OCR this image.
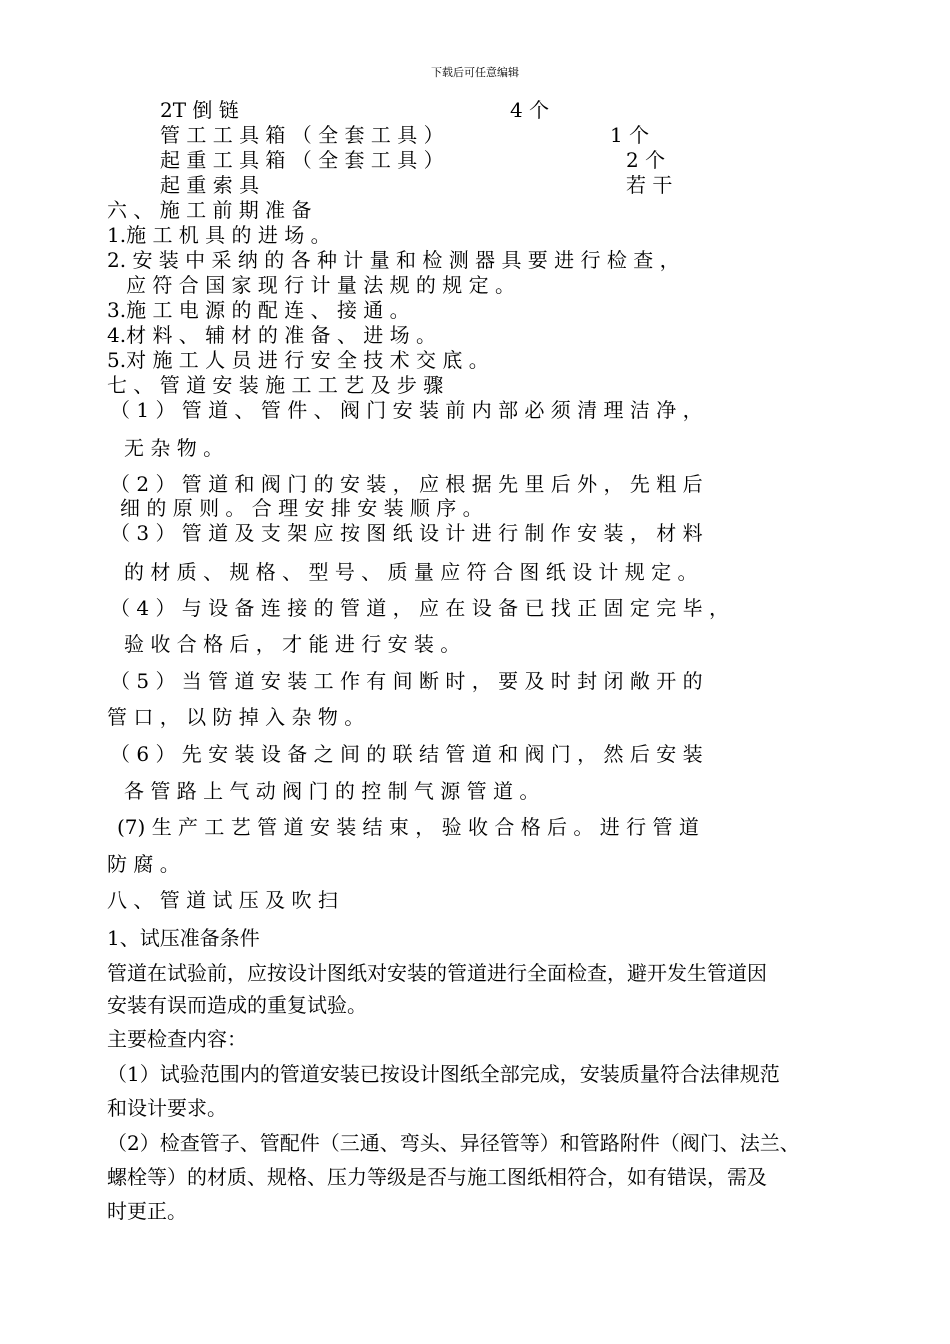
下载后可任意编辑
2T 倒 链	4 个
管 工 工 具 箱 （ 全 套 工 具 ）	1 个
起 重 工 具 箱 （ 全 套 工 具 ）	2 个
起 重 索 具	若 干
六 、 施 工 前 期 准 备
1.施 工 机 具 的 进 场 。
2. 安 装 中 采 纳 的 各 种 计 量 和 检 测 器 具 要 进 行 检 查 ，
应 符 合 国 家 现 行 计 量 法 规 的 规 定 。
3.施 工 电 源 的 配 连 、 接 通 。
4.材 料 、 辅 材 的 准 备 、 进 场 。
5.对 施 工 人 员 进 行 安 全 技 术 交 底 。
七 、 管 道 安 装 施 工 工 艺 及 步 骤
（ 1 ） 管 道 、 管 件 、 阀 门 安 装 前 内 部 必 须 清 理 洁 净 ，
无 杂 物 。
（ 2 ） 管 道 和 阀 门 的 安 装 ， 应 根 据 先 里 后 外 ， 先 粗 后
细 的 原 则 。 合 理 安 排 安 装 顺 序 。
（ 3 ） 管 道 及 支 架 应 按 图 纸 设 计 进 行 制 作 安 装 ， 材 料
的 材 质 、 规 格 、 型 号 、 质 量 应 符 合 图 纸 设 计 规 定 。
（ 4 ） 与 设 备 连 接 的 管 道 ， 应 在 设 备 已 找 正 固 定 完 毕 ，
验 收 合 格 后 ， 才 能 进 行 安 装 。
（ 5 ） 当 管 道 安 装 工 作 有 间 断 时 ， 要 及 时 封 闭 敞 开 的
管 口 ， 以 防 掉 入 杂 物 。
（ 6 ） 先 安 装 设 备 之 间 的 联 结 管 道 和 阀 门 ， 然 后 安 装
各 管 路 上 气 动 阀 门 的 控 制 气 源 管 道 。
(7) 生 产 工 艺 管 道 安 装 结 束 ， 验 收 合 格 后 。 进 行 管 道
防 腐 。
八 、 管 道 试 压 及 吹 扫
1、试压准备条件
管道在试验前，应按设计图纸对安装的管道进行全面检查，避开发生管道因
安装有误而造成的重复试验。
主要检查内容：
（1）试验范围内的管道安装已按设计图纸全部完成，安装质量符合法律规范
和设计要求。
（2）检查管子、管配件（三通、弯头、异径管等）和管路附件（阀门、法兰、
螺栓等）的材质、规格、压力等级是否与施工图纸相符合，如有错误，需及
时更正。
